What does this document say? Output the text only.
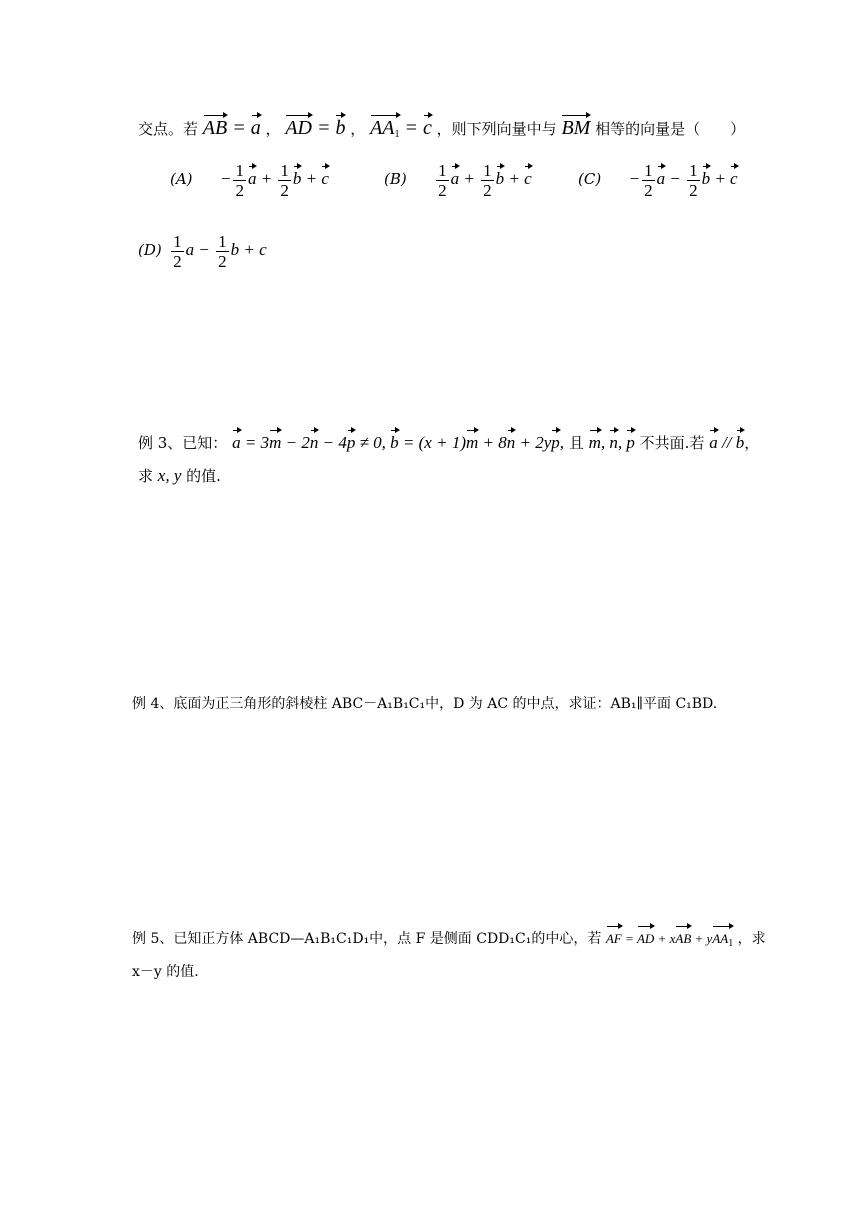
交点。若 AB = a ， AD = b ， $AA_1 = c$ ，则下列向量中与 BM 相等的向量是（　　）
$(A) - \frac{1}{2}$ $a + \frac{1}{2}$ b + c	$(B) \frac{1}{2}$ $a + \frac{1}{2}$ b + c	$(C) - \frac{1}{2}$ $a - \frac{1}{2}$ b + c
$(D) \frac{1}{2}$ $a - \frac{1}{2}$ b + c
例 3、已知： a = 3m − 2n − 4p ≠ 0, b = (x + 1)m + 8n + 2yp, 且 m, n, p 不共面.若 a // b，
求 x, y 的值.
例 4、底面为正三角形的斜棱柱 ABC－A₁B₁C₁中，D 为 AC 的中点，求证：AB₁∥平面 C₁BD.
例 5、已知正方体 ABCD—A₁B₁C₁D₁中，点 F 是侧面 CDD₁C₁的中心，若 AF = AD + xAB + yAA$_1$ ，求
x－y 的值.
